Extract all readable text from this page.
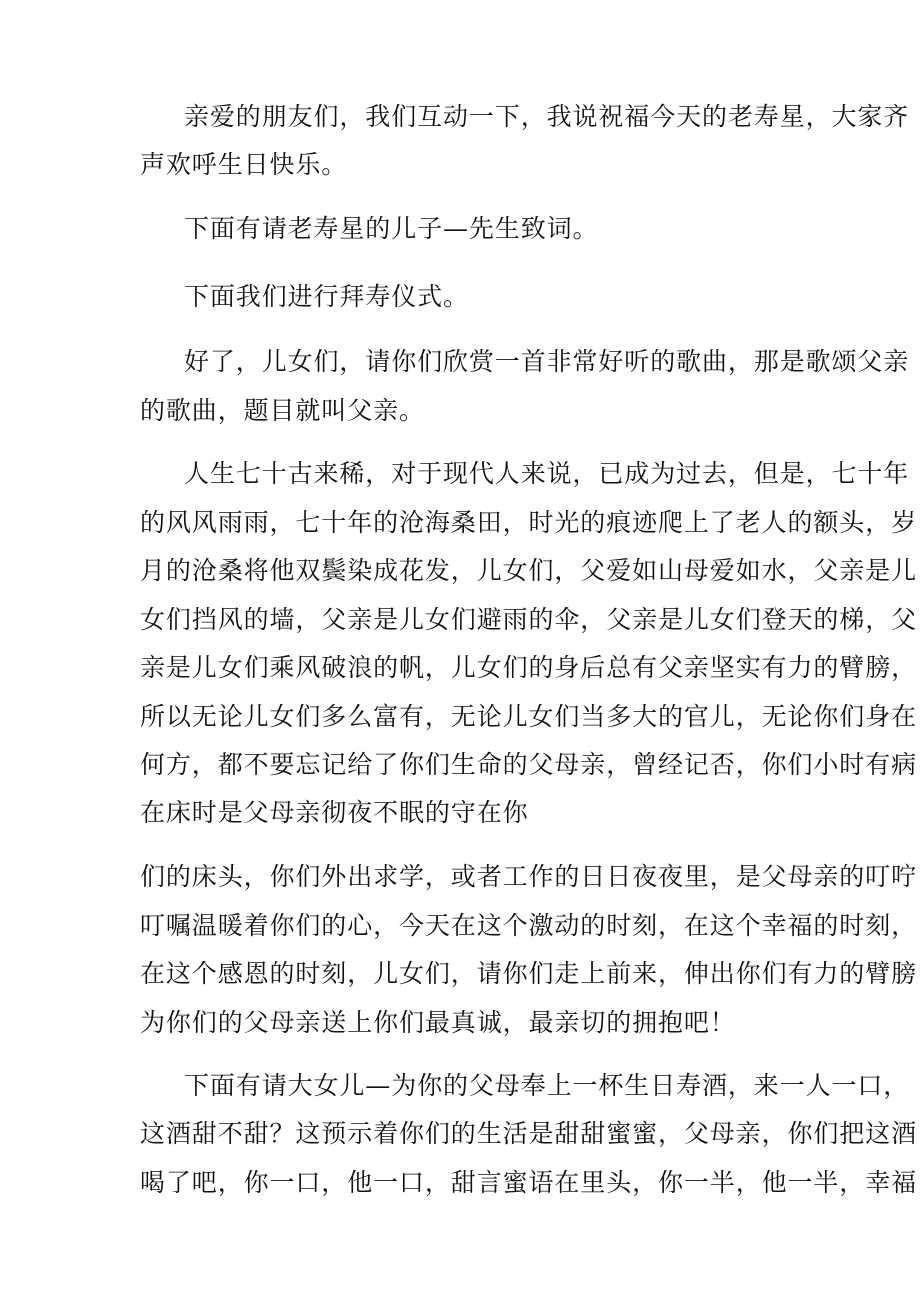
亲爱的朋友们，我们互动一下，我说祝福今天的老寿星，大家齐
声欢呼生日快乐。
下面有请老寿星的儿子—先生致词。
下面我们进行拜寿仪式。
好了，儿女们，请你们欣赏一首非常好听的歌曲，那是歌颂父亲
的歌曲，题目就叫父亲。
人生七十古来稀，对于现代人来说，已成为过去，但是，七十年
的风风雨雨，七十年的沧海桑田，时光的痕迹爬上了老人的额头，岁
月的沧桑将他双鬓染成花发，儿女们，父爱如山母爱如水，父亲是儿
女们挡风的墙，父亲是儿女们避雨的伞，父亲是儿女们登天的梯，父
亲是儿女们乘风破浪的帆，儿女们的身后总有父亲坚实有力的臂膀，
所以无论儿女们多么富有，无论儿女们当多大的官儿，无论你们身在
何方，都不要忘记给了你们生命的父母亲，曾经记否，你们小时有病
在床时是父母亲彻夜不眠的守在你
们的床头，你们外出求学，或者工作的日日夜夜里，是父母亲的叮咛
叮嘱温暖着你们的心，今天在这个激动的时刻，在这个幸福的时刻，
在这个感恩的时刻，儿女们，请你们走上前来，伸出你们有力的臂膀
为你们的父母亲送上你们最真诚，最亲切的拥抱吧！
下面有请大女儿—为你的父母奉上一杯生日寿酒，来一人一口，
这酒甜不甜？这预示着你们的生活是甜甜蜜蜜，父母亲，你们把这酒
喝了吧，你一口，他一口，甜言蜜语在里头，你一半，他一半，幸福
